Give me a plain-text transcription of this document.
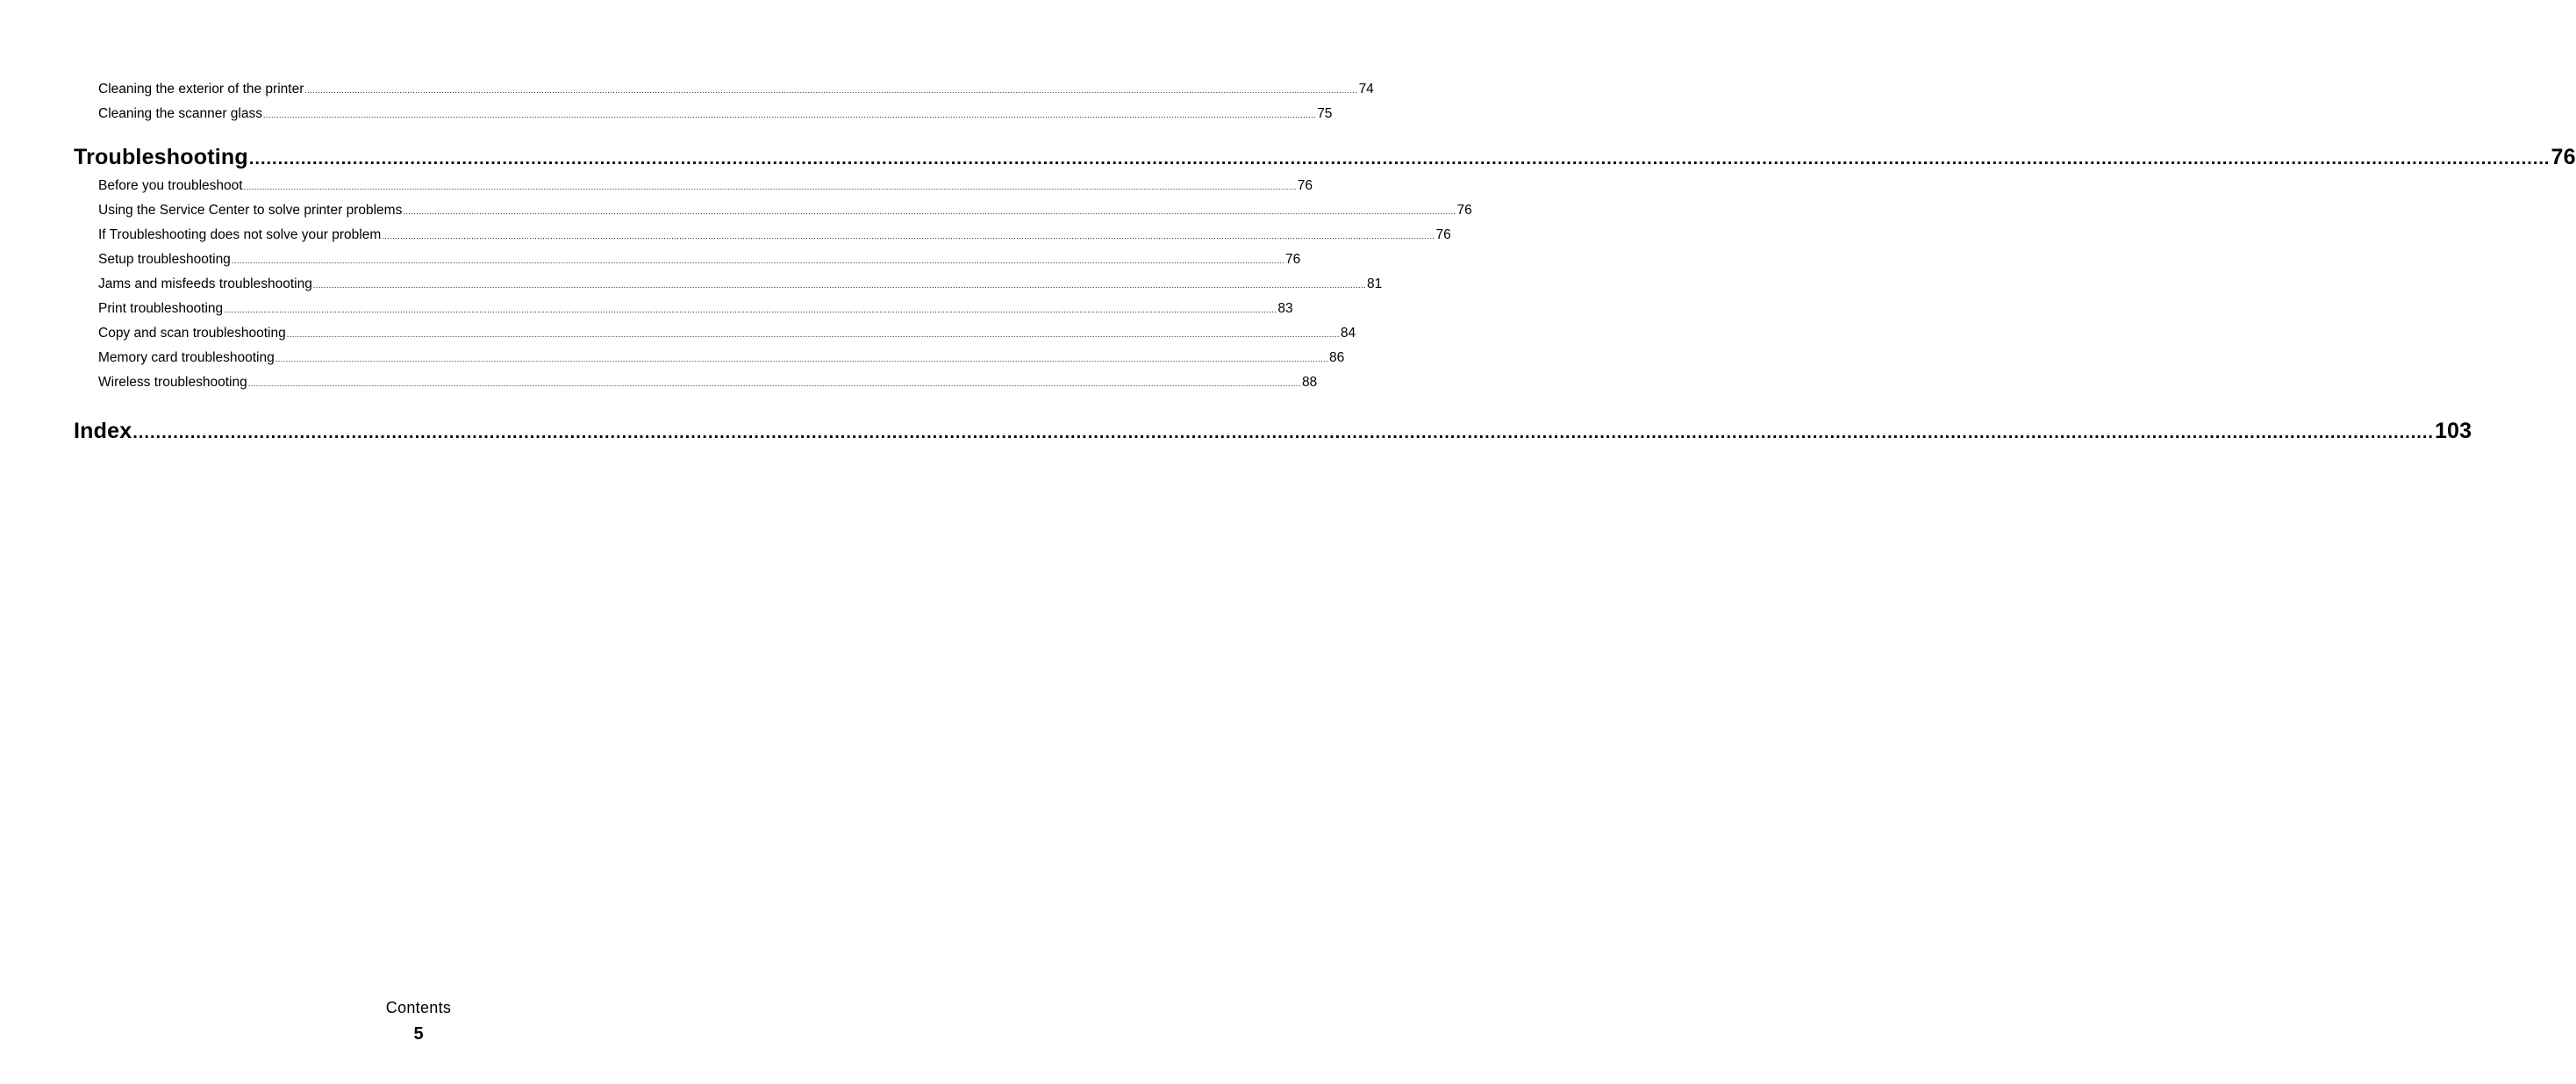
Cleaning the exterior of the printer ................................................................................................................................................................................................................................................................................................................................................................................................................ 74
Cleaning the scanner glass ................................................................................................................................................................................................................................................................................................................................................................................................................ 75
Troubleshooting ................................................................................................................................................................................................................................................................................................................................................................................................................ 76
Before you troubleshoot ................................................................................................................................................................................................................................................................................................................................................................................................................ 76
Using the Service Center to solve printer problems ................................................................................................................................................................................................................................................................................................................................................................................................................ 76
If Troubleshooting does not solve your problem ................................................................................................................................................................................................................................................................................................................................................................................................................ 76
Setup troubleshooting ................................................................................................................................................................................................................................................................................................................................................................................................................ 76
Jams and misfeeds troubleshooting ................................................................................................................................................................................................................................................................................................................................................................................................................ 81
Print troubleshooting ................................................................................................................................................................................................................................................................................................................................................................................................................ 83
Copy and scan troubleshooting ................................................................................................................................................................................................................................................................................................................................................................................................................ 84
Memory card troubleshooting ................................................................................................................................................................................................................................................................................................................................................................................................................ 86
Wireless troubleshooting ................................................................................................................................................................................................................................................................................................................................................................................................................ 88
Index ................................................................................................................................................................................................................................................................................................................................................................................................................ 103
Contents
5
